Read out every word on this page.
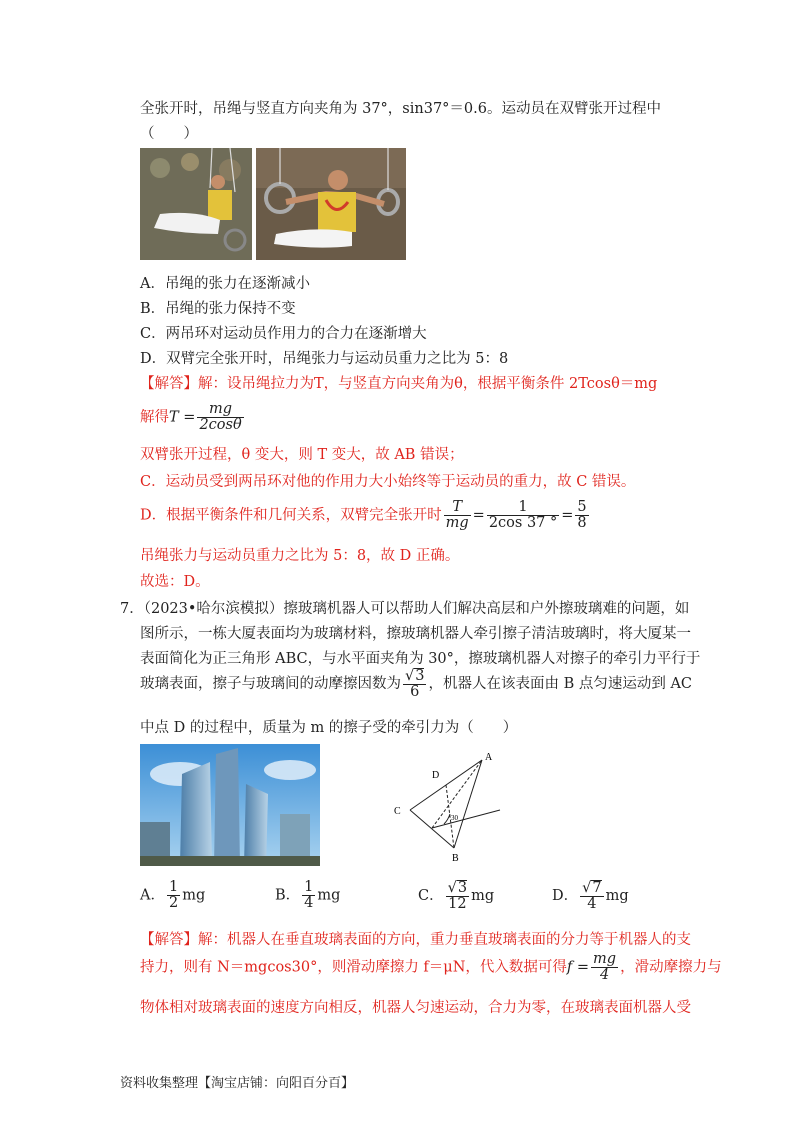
全张开时，吊绳与竖直方向夹角为 37°，sin37°＝0.6。运动员在双臂张开过程中
（　　）
A．吊绳的张力在逐渐减小
B．吊绳的张力保持不变
C．两吊环对运动员作用力的合力在逐渐增大
D．双臂完全张开时，吊绳张力与运动员重力之比为 5：8
【解答】解：设吊绳拉力为T，与竖直方向夹角为θ，根据平衡条件 2Tcosθ＝mg
解得$T = \frac{mg}{2\cos\theta}$
双臂张开过程，θ 变大，则 T 变大，故 AB 错误；
C．运动员受到两吊环对他的作用力大小始终等于运动员的重力，故 C 错误。
D．根据平衡条件和几何关系，双臂完全张开时 $\frac{T}{mg} = \frac{1}{2\cos 37 ^\circ} = \frac{5}{8}$
吊绳张力与运动员重力之比为 5：8，故 D 正确。
故选：D。
7．（2023•哈尔滨模拟）擦玻璃机器人可以帮助人们解决高层和户外擦玻璃难的问题，如
图所示，一栋大厦表面均为玻璃材料，擦玻璃机器人牵引擦子清洁玻璃时，将大厦某一
表面简化为正三角形 ABC，与水平面夹角为 30°，擦玻璃机器人对擦子的牵引力平行于
玻璃表面，擦子与玻璃间的动摩擦因数为 $\frac{√3}{6}$ ，机器人在该表面由 B 点匀速运动到 AC
中点 D 的过程中，质量为 m 的擦子受的牵引力为（　　）
A
B
C
D
30
A． $\frac{1}{2}$ mg	B． $\frac{1}{4}$ mg	C． $\frac{√3}{12}$ mg	D． $\frac{√7}{4}$ mg
【解答】解：机器人在垂直玻璃表面的方向，重力垂直玻璃表面的分力等于机器人的支
持力，则有 N＝mgcos30°，则滑动摩擦力 f＝μN，代入数据可得$f = \frac{mg}{4}$ ，滑动摩擦力与
物体相对玻璃表面的速度方向相反，机器人匀速运动，合力为零，在玻璃表面机器人受
资料收集整理【淘宝店铺：向阳百分百】
